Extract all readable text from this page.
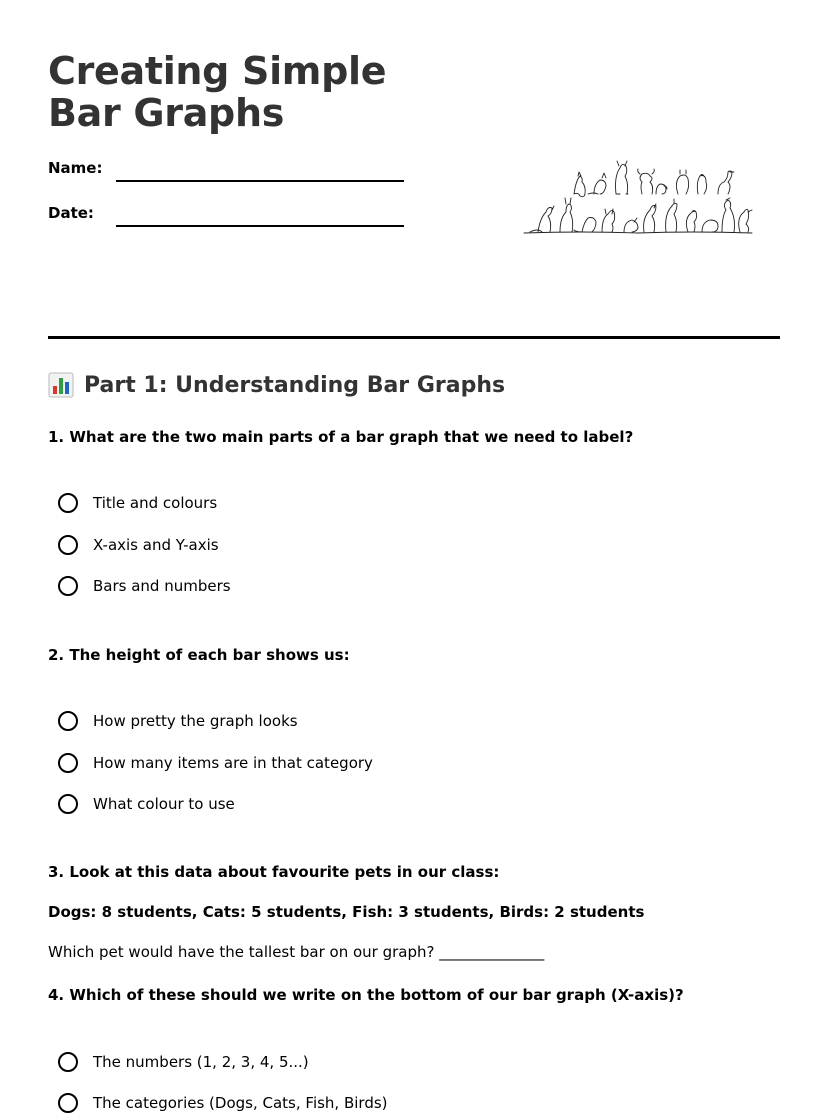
Creating Simple Bar Graphs
Name:
Date:
Part 1: Understanding Bar Graphs

1. What are the two main parts of a bar graph that we need to label?

Title and colours
X-axis and Y-axis
Bars and numbers

2. The height of each bar shows us:

How pretty the graph looks
How many items are in that category
What colour to use

3. Look at this data about favourite pets in our class:

Dogs: 8 students, Cats: 5 students, Fish: 3 students, Birds: 2 students

Which pet would have the tallest bar on our graph? ______________

4. Which of these should we write on the bottom of our bar graph (X-axis)?

The numbers (1, 2, 3, 4, 5...)
The categories (Dogs, Cats, Fish, Birds)
